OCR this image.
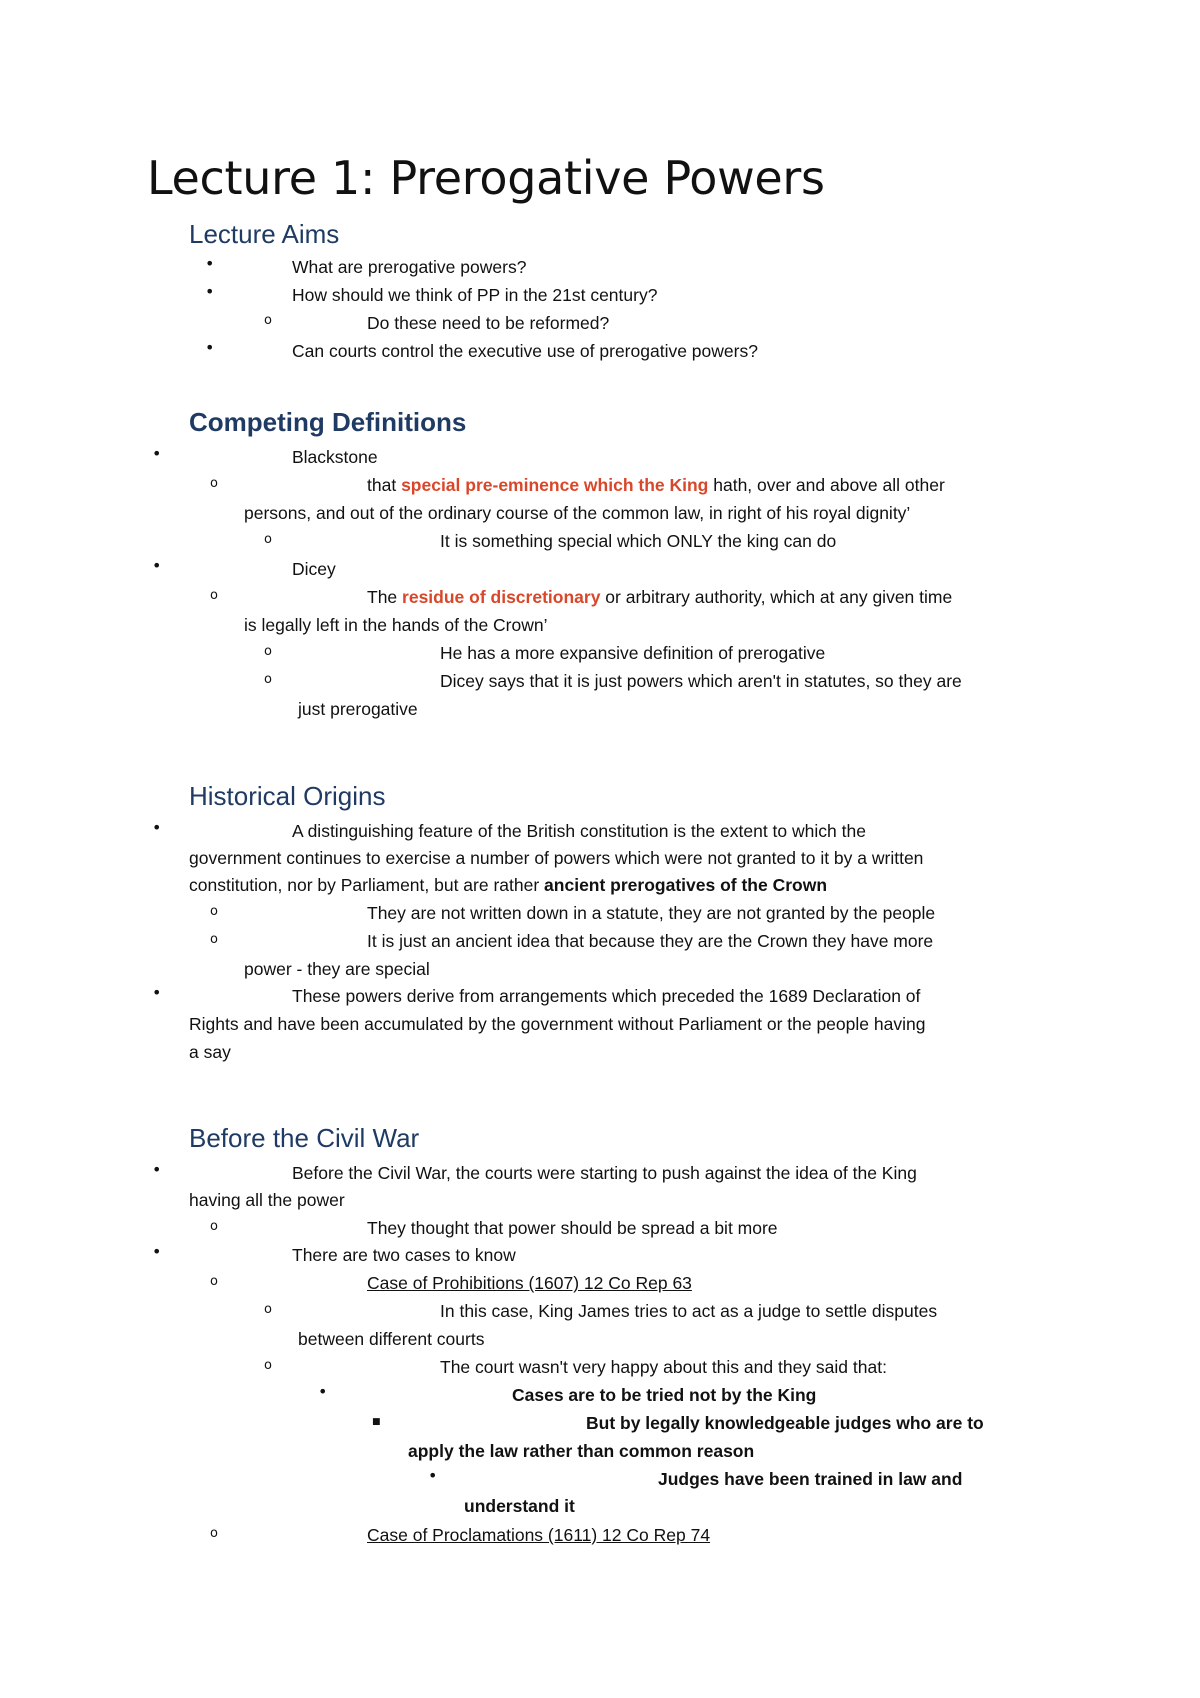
Lecture 1: Prerogative Powers
Lecture Aims
•	What are prerogative powers?

•	How should we think of PP in the 21st century?

o	Do these need to be reformed?

•	Can courts control the executive use of prerogative powers?

Competing Definitions
•	Blackstone

o	that special pre-eminence which the King hath, over and above all other

persons, and out of the ordinary course of the common law, in right of his royal dignity’

o	It is something special which ONLY the king can do

•	Dicey

o	The residue of discretionary or arbitrary authority, which at any given time

is legally left in the hands of the Crown’

o	He has a more expansive definition of prerogative

o	Dicey says that it is just powers which aren't in statutes, so they are

just prerogative

Historical Origins
•	A distinguishing feature of the British constitution is the extent to which the

government continues to exercise a number of powers which were not granted to it by a written

constitution, nor by Parliament, but are rather ancient prerogatives of the Crown

o	They are not written down in a statute, they are not granted by the people

o	It is just an ancient idea that because they are the Crown they have more

power - they are special

•	These powers derive from arrangements which preceded the 1689 Declaration of

Rights and have been accumulated by the government without Parliament or the people having

a say

Before the Civil War
•	Before the Civil War, the courts were starting to push against the idea of the King

having all the power

o	They thought that power should be spread a bit more

•	There are two cases to know

o	Case of Prohibitions (1607) 12 Co Rep 63

o	In this case, King James tries to act as a judge to settle disputes

between different courts

o	The court wasn't very happy about this and they said that:

•	Cases are to be tried not by the King

■	But by legally knowledgeable judges who are to

apply the law rather than common reason

•	Judges have been trained in law and

understand it

o	Case of Proclamations (1611) 12 Co Rep 74
